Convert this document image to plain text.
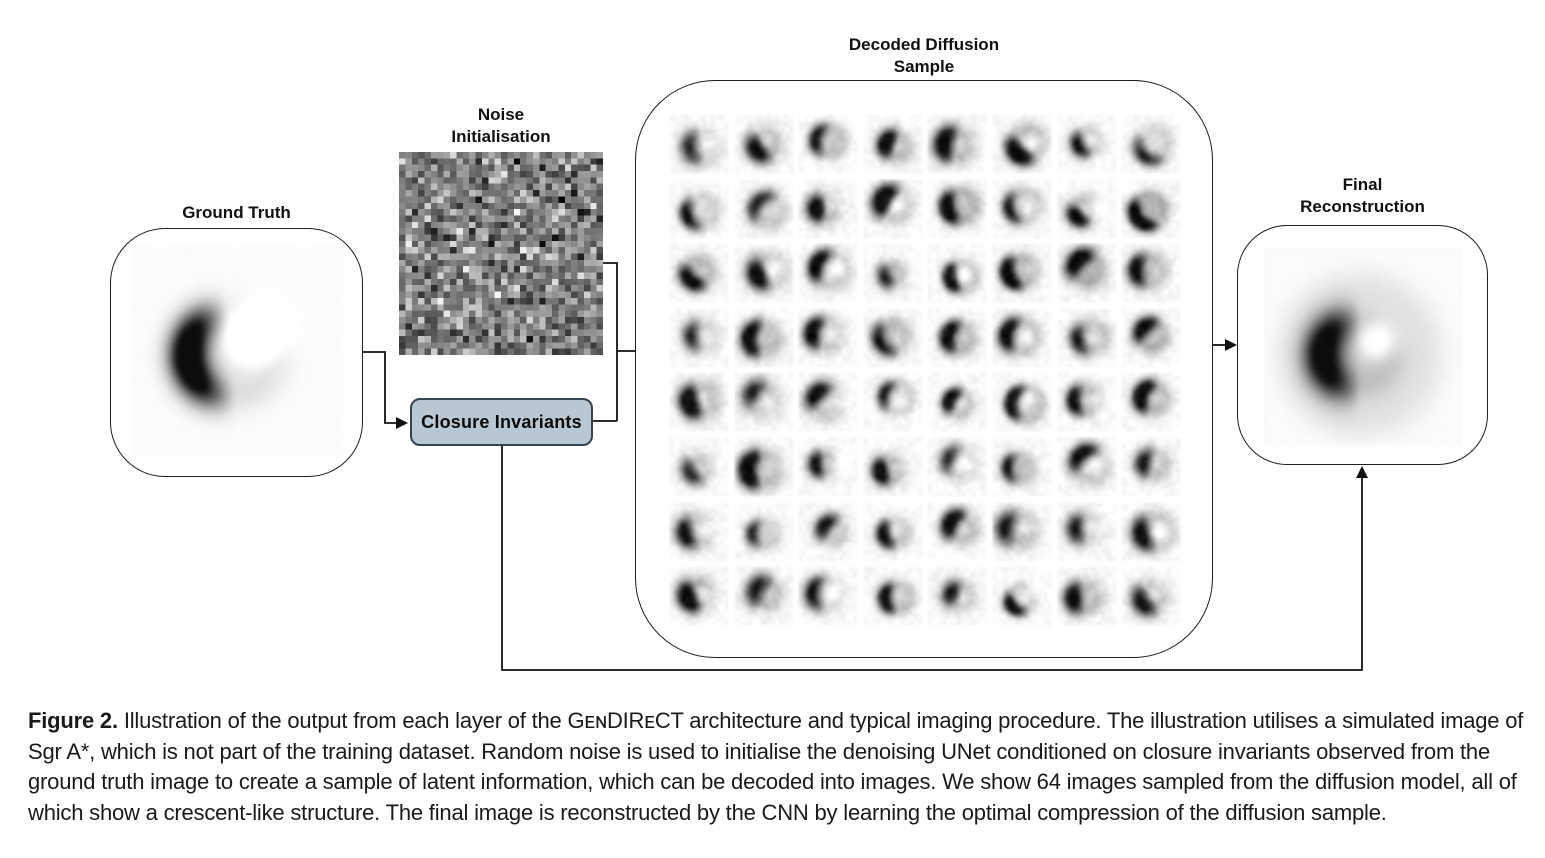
Ground Truth
Noise
Initialisation
Closure Invariants
Decoded Diffusion
Sample
Final
Reconstruction
Figure 2. Illustration of the output from each layer of the GᴇɴDIRᴇCT architecture and typical imaging procedure. The illustration utilises a simulated image of
Sgr A*, which is not part of the training dataset. Random noise is used to initialise the denoising UNet conditioned on closure invariants observed from the
ground truth image to create a sample of latent information, which can be decoded into images. We show 64 images sampled from the diffusion model, all of
which show a crescent-like structure. The final image is reconstructed by the CNN by learning the optimal compression of the diffusion sample.
